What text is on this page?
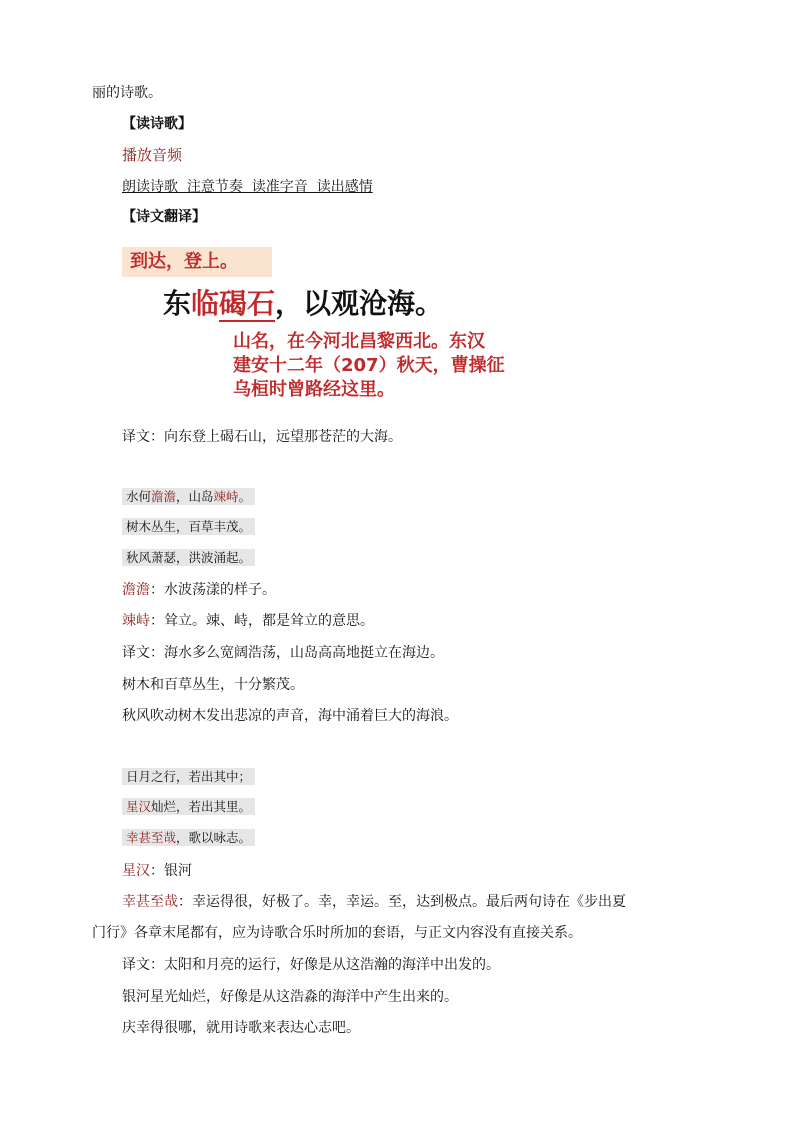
丽的诗歌。
【读诗歌】
播放音频
朗读诗歌  注意节奏  读准字音  读出感情
【诗文翻译】
到达，登上。
东临碣石，以观沧海。
山名，在今河北昌黎西北。东汉
建安十二年（207）秋天，曹操征
乌桓时曾路经这里。
译文：向东登上碣石山，远望那苍茫的大海。
水何澹澹，山岛竦峙。
树木丛生，百草丰茂。
秋风萧瑟，洪波涌起。
澹澹：水波荡漾的样子。
竦峙：耸立。竦、峙，都是耸立的意思。
译文：海水多么宽阔浩荡，山岛高高地挺立在海边。
树木和百草丛生，十分繁茂。
秋风吹动树木发出悲凉的声音，海中涌着巨大的海浪。
日月之行，若出其中；
星汉灿烂，若出其里。
幸甚至哉，歌以咏志。
星汉：银河
幸甚至哉：幸运得很，好极了。幸，幸运。至，达到极点。最后两句诗在《步出夏
门行》各章末尾都有，应为诗歌合乐时所加的套语，与正文内容没有直接关系。
译文：太阳和月亮的运行，好像是从这浩瀚的海洋中出发的。
银河星光灿烂，好像是从这浩淼的海洋中产生出来的。
庆幸得很哪，就用诗歌来表达心志吧。
